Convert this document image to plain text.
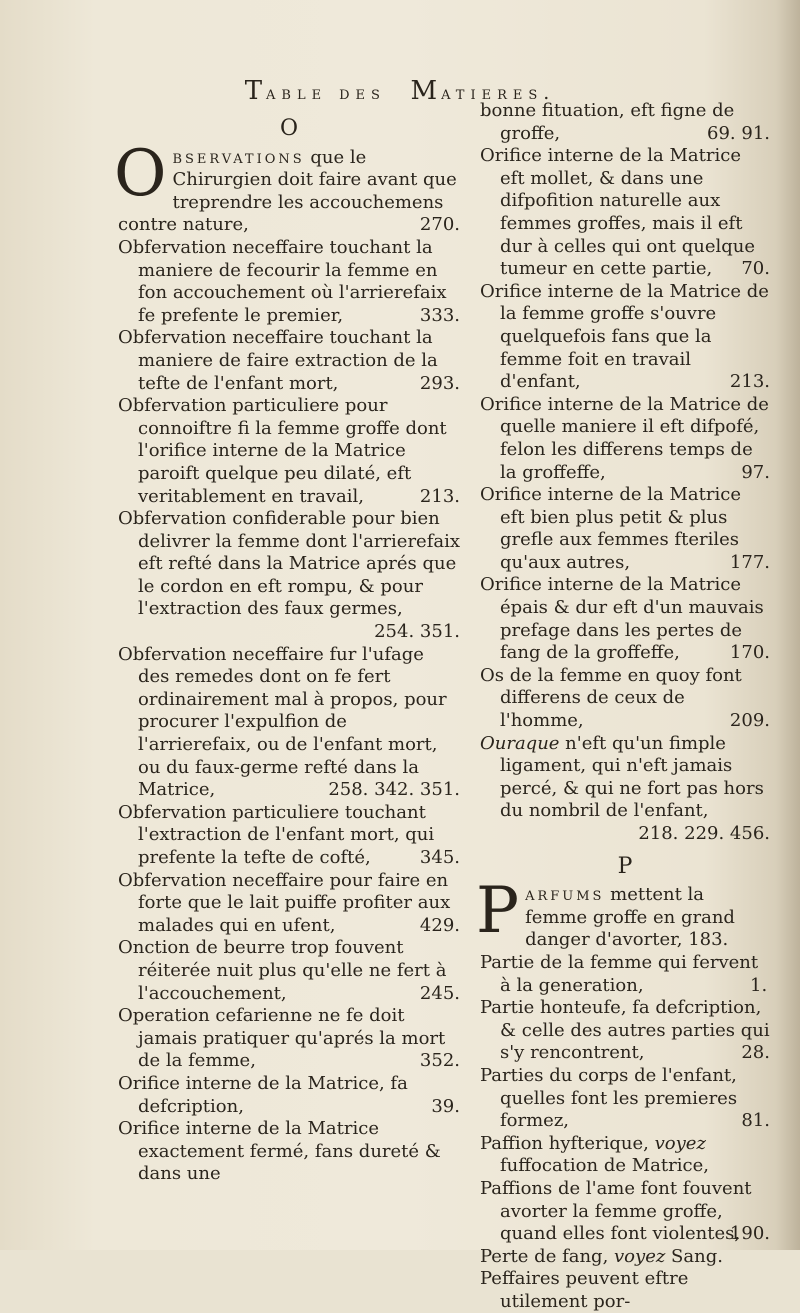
Table des Matieres.
O
O bservations que le Chirurgien doit faire avant que treprendre les accouchemens contre nature,	270.

Obfervation neceffaire touchant la maniere de fecourir la femme en fon accouchement où l'arrierefaix fe prefente le premier,	333.

Obfervation neceffaire touchant la maniere de faire extraction de la tefte de l'enfant mort,	293.

Obfervation particuliere pour connoiftre fi la femme groffe dont l'orifice interne de la Matrice paroift quelque peu dilaté, eft veritablement en travail,	213.

Obfervation confiderable pour bien delivrer la femme dont l'arrierefaix eft refté dans la Matrice aprés que le cordon en eft rompu, & pour l'extraction des faux germes,
254. 351.

Obfervation neceffaire fur l'ufage des remedes dont on fe fert ordinairement mal à propos, pour procurer l'expulfion de l'arrierefaix, ou de l'enfant mort, ou du faux-germe refté dans la Matrice,	258. 342. 351.

Obfervation particuliere touchant l'extraction de l'enfant mort, qui prefente la tefte de cofté,	345.

Obfervation neceffaire pour faire en forte que le lait puiffe profiter aux malades qui en ufent,	429.

Onction de beurre trop fouvent réiterée nuit plus qu'elle ne fert à l'accouchement,	245.

Operation cefarienne ne fe doit jamais pratiquer qu'aprés la mort de la femme,	352.

Orifice interne de la Matrice, fa defcription,	39.

Orifice interne de la Matrice exactement fermé, fans dureté & dans une

bonne fituation, eft figne de groffe,	69. 91.

Orifice interne de la Matrice eft mollet, & dans une difpofition naturelle aux femmes groffes, mais il eft dur à celles qui ont quelque tumeur en cette partie, 70.

Orifice interne de la Matrice de la femme groffe s'ouvre quelquefois fans que la femme foit en travail d'enfant,	213.

Orifice interne de la Matrice de quelle maniere il eft difpofé, felon les differens temps de la groffeffe,	97.

Orifice interne de la Matrice eft bien plus petit & plus grefle aux femmes fteriles qu'aux autres,	177.

Orifice interne de la Matrice épais & dur eft d'un mauvais prefage dans les pertes de fang de la groffeffe,	170.

Os de la femme en quoy font differens de ceux de l'homme,	209.

Ouraque n'eft qu'un fimple ligament, qui n'eft jamais percé, & qui ne fort pas hors du nombril de l'enfant,
218. 229. 456.

P
P arfums mettent la femme groffe en grand danger d'avorter, 183.

Partie de la femme qui fervent à la generation,	1.

Partie honteufe, fa defcription, & celle des autres parties qui s'y rencontrent,	28.

Parties du corps de l'enfant, quelles font les premieres formez,	81.

Paffion hyfterique, voyez fuffocation de Matrice,

Paffions de l'ame font fouvent avorter la femme groffe, quand elles font violentes,
190.

Perte de fang, voyez Sang.

Peffaires peuvent eftre utilement por-
